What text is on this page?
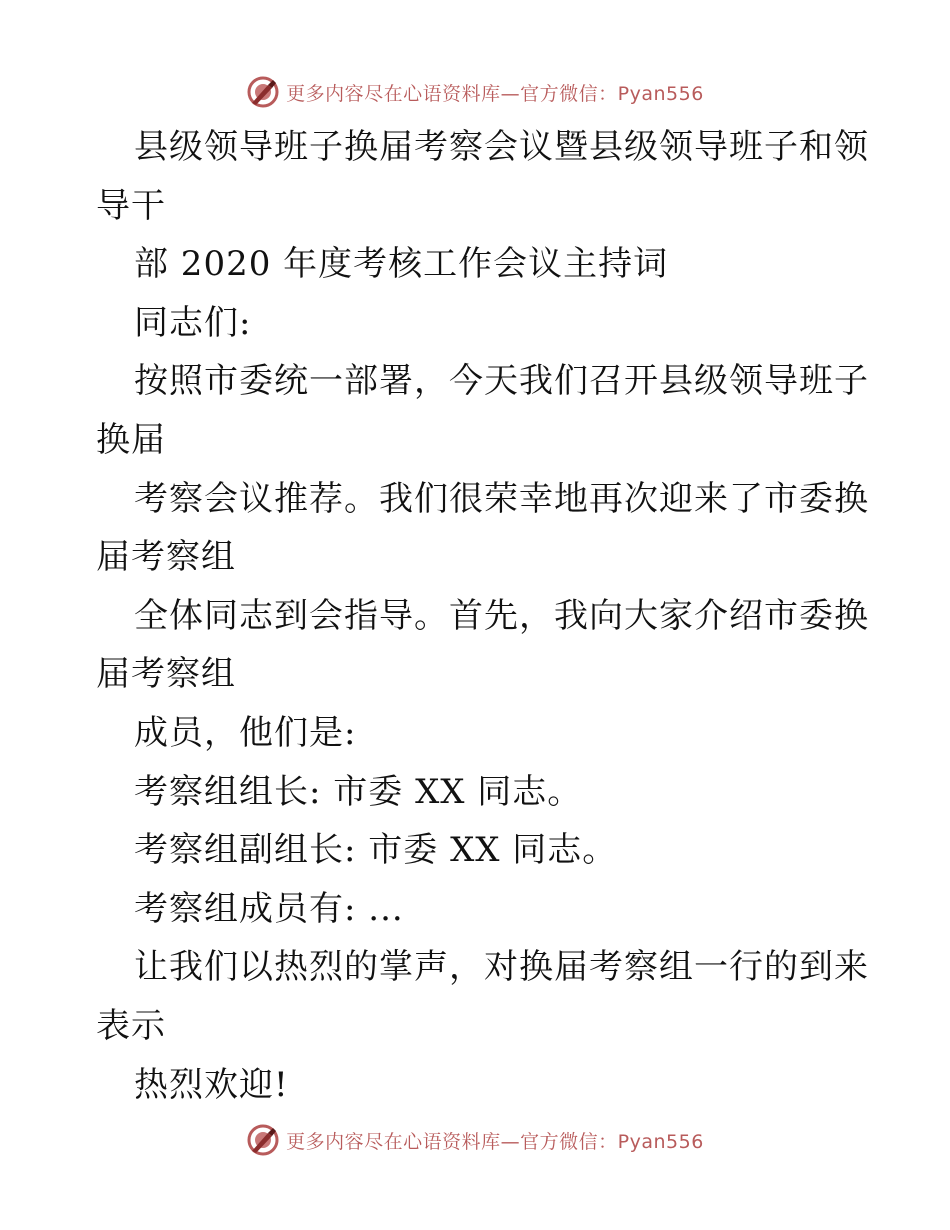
更多内容尽在心语资料库—官方微信：Pyan556
县级领导班子换届考察会议暨县级领导班子和领
导干
部 2020 年度考核工作会议主持词
同志们:
按照市委统一部署，今天我们召开县级领导班子
换届
考察会议推荐。我们很荣幸地再次迎来了市委换
届考察组
全体同志到会指导。首先，我向大家介绍市委换
届考察组
成员，他们是:
考察组组长: 市委 XX 同志。
考察组副组长: 市委 XX 同志。
考察组成员有: ...
让我们以热烈的掌声，对换届考察组一行的到来
表示
热烈欢迎!
更多内容尽在心语资料库—官方微信：Pyan556
